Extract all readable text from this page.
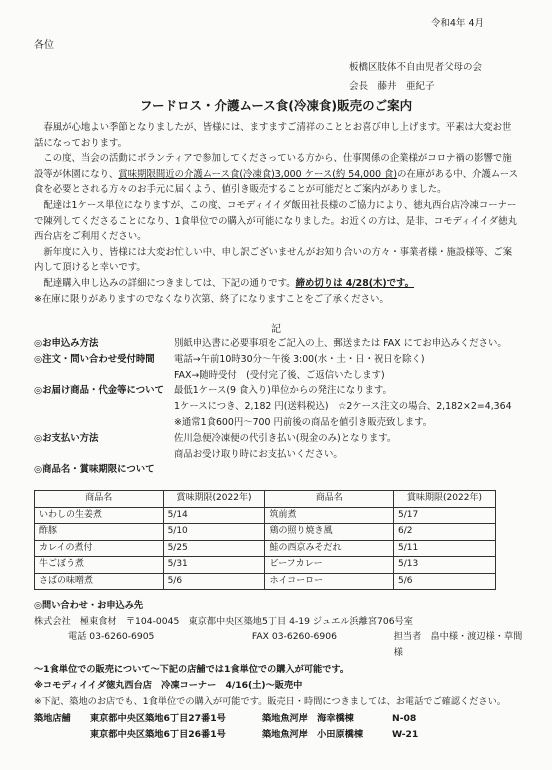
令和4年 4月
各位
板橋区肢体不自由児者父母の会
会長　藤井　亜紀子
フードロス・介護ムース食(冷凍食)販売のご案内

春風が心地よい季節となりましたが、皆様には、ますますご清祥のこととお喜び申し上げます。平素は大変お世話になっております。

この度、当会の活動にボランティアで参加してくださっている方から、仕事関係の企業様がコロナ禍の影響で施設等が休園になり、賞味期限間近の介護ムース食(冷凍食)3,000 ケース(約 54,000 食)の在庫がある中、介護ムース食を必要とされる方々のお手元に届くよう、値引き販売することが可能だとご案内がありました。

配達は1ケース単位になりますが、この度、コモディイイダ飯田社長様のご協力により、徳丸西台店冷凍コーナーで陳列してくださることになり、1食単位での購入が可能になりました。お近くの方は、是非、コモディイイダ徳丸西台店をご利用ください。

新年度に入り、皆様には大変お忙しい中、申し訳ございませんがお知り合いの方々・事業者様・施設様等、ご案内して頂けると幸いです。

配達購入申し込みの詳細につきましては、下記の通りです。締め切りは 4/28(木)です。

※在庫に限りがありますのでなくなり次第、終了になりますことをご了承ください。

記
◎お申込み方法	別紙申込書に必要事項をご記入の上、郵送または FAX にてお申込みください。
◎注文・問い合わせ受付時間	電話→午前10時30分～午後 3:00(水・土・日・祝日を除く)
FAX→随時受付　(受付完了後、ご返信いたします)
◎お届け商品・代金等について	最低1ケース(9 食入り)単位からの発注になります。
1ケースにつき、2,182 円(送料税込)　☆2ケース注文の場合、2,182×2=4,364
※通常1食600円～700 円前後の商品を値引き販売致します。
◎お支払い方法	佐川急便冷凍便の代引き払い(現金のみ)となります。
商品お受け取り時にお支払いください。
◎商品名・賞味期限について
商品名	賞味期限(2022年)	商品名	賞味期限(2022年)
いわしの生姜煮	5/14	筑前煮	5/17
酢豚	5/10	鶏の照り焼き風	6/2
カレイの煮付	5/25	鮭の西京みそだれ	5/11
牛ごぼう煮	5/31	ビーフカレー	5/13
さばの味噌煮	5/6	ホイコーロー	5/6
◎問い合わせ・お申込み先
株式会社　極東食材　〒104-0045　東京都中央区築地5丁目 4-19 ジュエル浜離宮706号室
電話 03-6260-6905	FAX 03-6260-6906	担当者　畠中様・渡辺様・草間様
～1食単位での販売について～下記の店舗では1食単位での購入が可能です。
※コモディイイダ徳丸西台店　冷凍コーナー　4/16(土)～販売中
※下記、築地のお店でも、1食単位での購入が可能です。販売日・時間につきましては、お電話でご確認ください。
築地店舗	東京都中央区築地6丁目27番1号	築地魚河岸　海幸橋棟	N-08
東京都中央区築地6丁目26番1号	築地魚河岸　小田原橋棟	W-21
